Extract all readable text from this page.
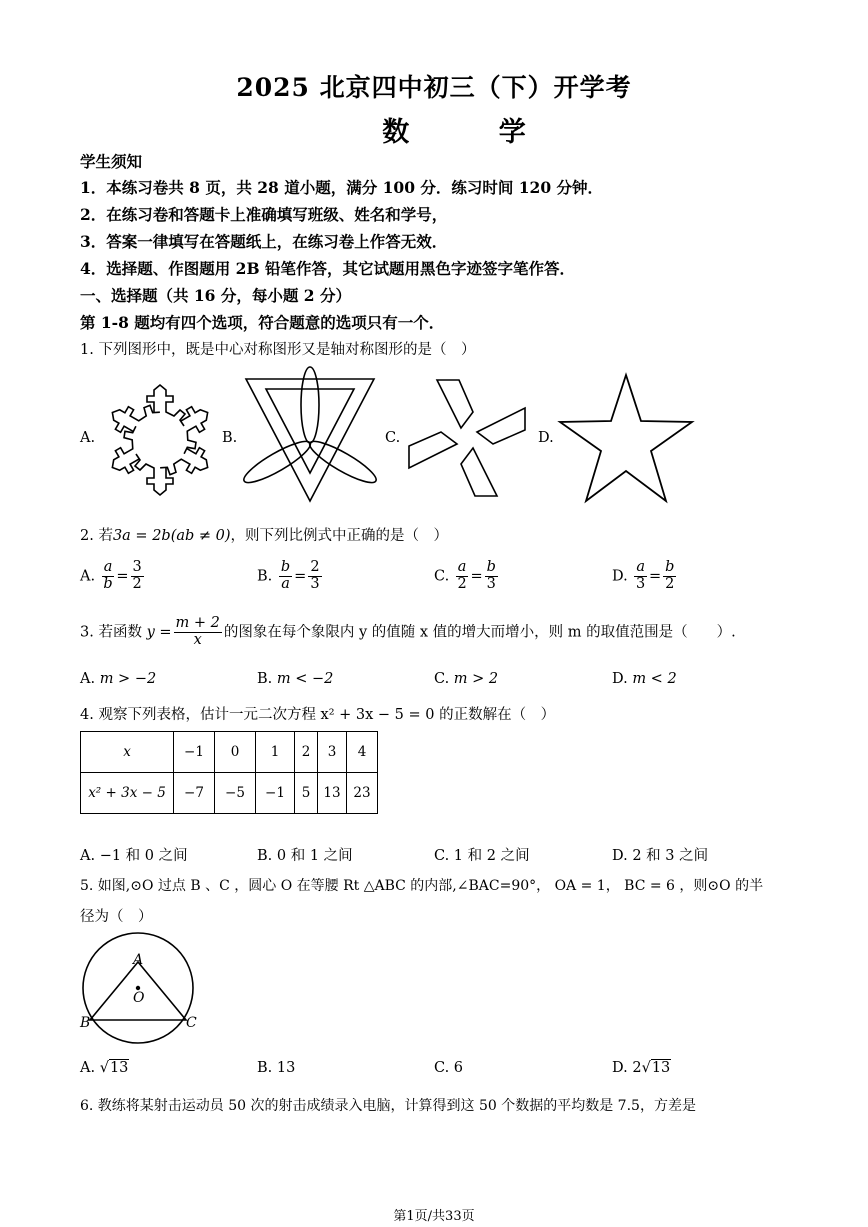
2025 北京四中初三（下）开学考
数 学
学生须知
1．本练习卷共 8 页，共 28 道小题，满分 100 分．练习时间 120 分钟．
2．在练习卷和答题卡上准确填写班级、姓名和学号，
3．答案一律填写在答题纸上，在练习卷上作答无效．
4．选择题、作图题用 2B 铅笔作答，其它试题用黑色字迹签字笔作答．
一、选择题（共 16 分，每小题 2 分）
第 1-8 题均有四个选项，符合题意的选项只有一个．
1. 下列图形中，既是中心对称图形又是轴对称图形的是（　）
A.	B.	C.	D.
2. 若3a = 2b(ab ≠ 0)，则下列比例式中正确的是（　）
A. $\frac{a}{b} = \frac{3}{2}$	B. $\frac{b}{a} = \frac{2}{3}$	C. $\frac{a}{2} = \frac{b}{3}$	D. $\frac{a}{3} = \frac{b}{2}$
3. 若函数 $y = \frac{m + 2}{x}$ 的图象在每个象限内 y 的值随 x 值的增大而增小，则 m 的取值范围是（　　）.
A. m > −2	B. m < −2	C. m > 2	D. m < 2
4. 观察下列表格，估计一元二次方程 x² + 3x − 5 = 0 的正数解在（　）
x	−1	0	1	2	3	4
x² + 3x − 5	−7	−5	−1	5	13	23
A. −1 和 0 之间	B. 0 和 1 之间	C. 1 和 2 之间	D. 2 和 3 之间
5. 如图,⊙O 过点 B 、C ，圆心 O 在等腰 Rt △ABC 的内部,∠BAC=90°， OA = 1， BC = 6 ，则⊙O 的半
径为（　）
A
O
B	C
A. √13	B. 13	C. 6	D. 2√13
6. 教练将某射击运动员 50 次的射击成绩录入电脑，计算得到这 50 个数据的平均数是 7.5，方差是
第1页/共33页
